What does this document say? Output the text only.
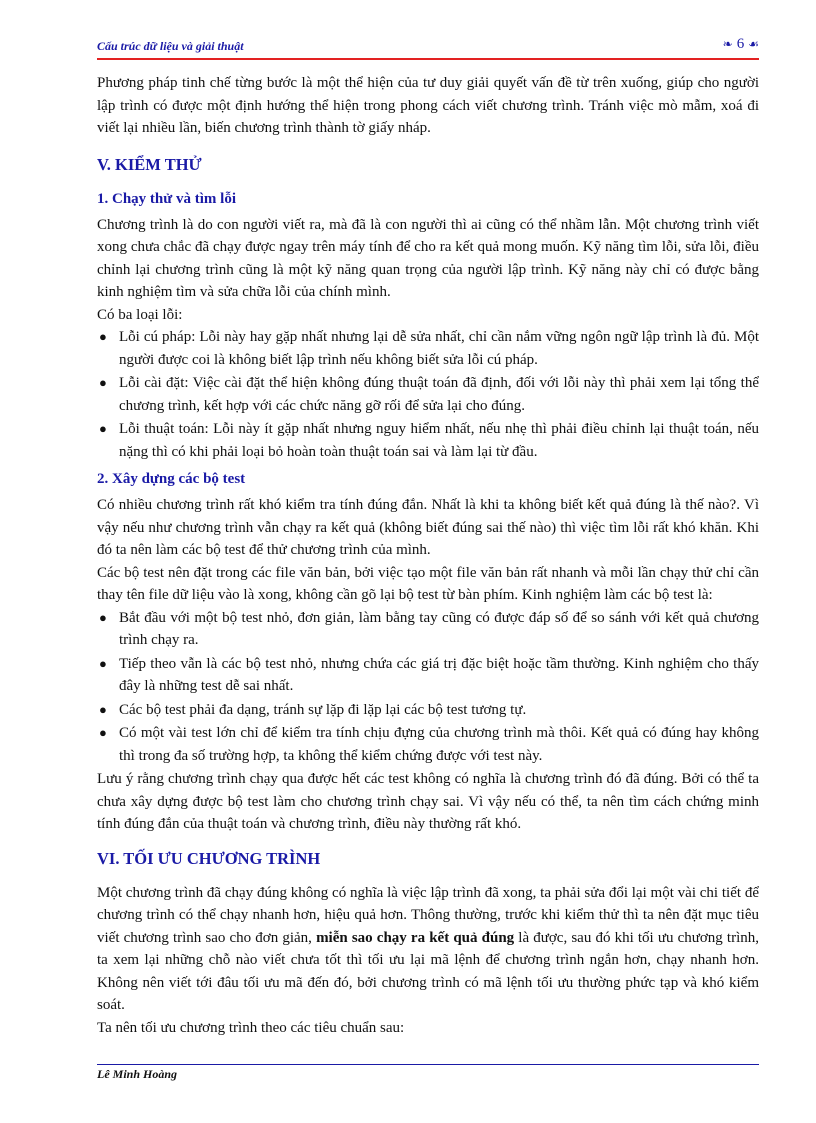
Cấu trúc dữ liệu và giải thuật	❧ 6 ☙

Phương pháp tinh chế từng bước là một thể hiện của tư duy giải quyết vấn đề từ trên xuống, giúp cho người lập trình có được một định hướng thể hiện trong phong cách viết chương trình. Tránh việc mò mẫm, xoá đi viết lại nhiều lần, biến chương trình thành tờ giấy nháp.

V. KIỂM THỬ
1. Chạy thử và tìm lỗi

Chương trình là do con người viết ra, mà đã là con người thì ai cũng có thể nhầm lẫn. Một chương trình viết xong chưa chắc đã chạy được ngay trên máy tính để cho ra kết quả mong muốn. Kỹ năng tìm lỗi, sửa lỗi, điều chỉnh lại chương trình cũng là một kỹ năng quan trọng của người lập trình. Kỹ năng này chỉ có được bằng kinh nghiệm tìm và sửa chữa lỗi của chính mình.

Có ba loại lỗi:

● Lỗi cú pháp: Lỗi này hay gặp nhất nhưng lại dễ sửa nhất, chỉ cần nắm vững ngôn ngữ lập trình là đủ. Một người được coi là không biết lập trình nếu không biết sửa lỗi cú pháp.
● Lỗi cài đặt: Việc cài đặt thể hiện không đúng thuật toán đã định, đối với lỗi này thì phải xem lại tổng thể chương trình, kết hợp với các chức năng gỡ rối để sửa lại cho đúng.
● Lỗi thuật toán: Lỗi này ít gặp nhất nhưng nguy hiểm nhất, nếu nhẹ thì phải điều chỉnh lại thuật toán, nếu nặng thì có khi phải loại bỏ hoàn toàn thuật toán sai và làm lại từ đầu.
2. Xây dựng các bộ test

Có nhiều chương trình rất khó kiểm tra tính đúng đắn. Nhất là khi ta không biết kết quả đúng là thế nào?. Vì vậy nếu như chương trình vẫn chạy ra kết quả (không biết đúng sai thế nào) thì việc tìm lỗi rất khó khăn. Khi đó ta nên làm các bộ test để thử chương trình của mình.

Các bộ test nên đặt trong các file văn bản, bởi việc tạo một file văn bản rất nhanh và mỗi lần chạy thử chỉ cần thay tên file dữ liệu vào là xong, không cần gõ lại bộ test từ bàn phím. Kinh nghiệm làm các bộ test là:

● Bắt đầu với một bộ test nhỏ, đơn giản, làm bằng tay cũng có được đáp số để so sánh với kết quả chương trình chạy ra.
● Tiếp theo vẫn là các bộ test nhỏ, nhưng chứa các giá trị đặc biệt hoặc tầm thường. Kinh nghiệm cho thấy đây là những test dễ sai nhất.
● Các bộ test phải đa dạng, tránh sự lặp đi lặp lại các bộ test tương tự.
● Có một vài test lớn chỉ để kiểm tra tính chịu đựng của chương trình mà thôi. Kết quả có đúng hay không thì trong đa số trường hợp, ta không thể kiểm chứng được với test này.

Lưu ý rằng chương trình chạy qua được hết các test không có nghĩa là chương trình đó đã đúng. Bởi có thể ta chưa xây dựng được bộ test làm cho chương trình chạy sai. Vì vậy nếu có thể, ta nên tìm cách chứng minh tính đúng đắn của thuật toán và chương trình, điều này thường rất khó.

VI. TỐI ƯU CHƯƠNG TRÌNH

Một chương trình đã chạy đúng không có nghĩa là việc lập trình đã xong, ta phải sửa đổi lại một vài chi tiết để chương trình có thể chạy nhanh hơn, hiệu quả hơn. Thông thường, trước khi kiểm thử thì ta nên đặt mục tiêu viết chương trình sao cho đơn giản, miễn sao chạy ra kết quả đúng là được, sau đó khi tối ưu chương trình, ta xem lại những chỗ nào viết chưa tốt thì tối ưu lại mã lệnh để chương trình ngắn hơn, chạy nhanh hơn. Không nên viết tới đâu tối ưu mã đến đó, bởi chương trình có mã lệnh tối ưu thường phức tạp và khó kiểm soát.

Ta nên tối ưu chương trình theo các tiêu chuẩn sau:

Lê Minh Hoàng
